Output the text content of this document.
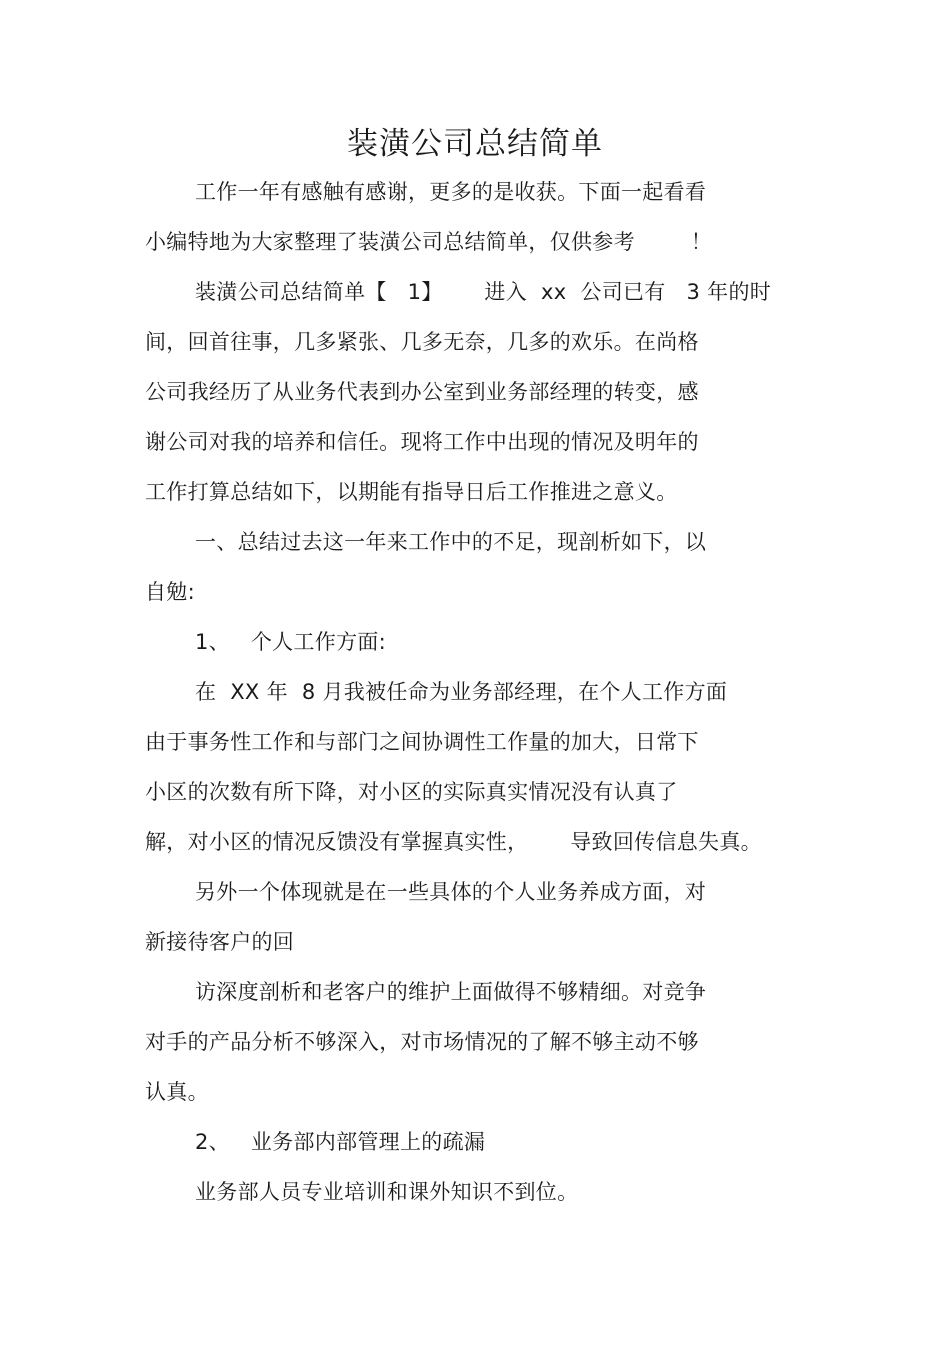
装潢公司总结简单
工作一年有感触有感谢，更多的是收获。下面一起看看
小编特地为大家整理了装潢公司总结简单，仅供参考        ！
装潢公司总结简单【   1】      进入  xx  公司已有   3 年的时
间，回首往事，几多紧张、几多无奈，几多的欢乐。在尚格
公司我经历了从业务代表到办公室到业务部经理的转变，感
谢公司对我的培养和信任。现将工作中出现的情况及明年的
工作打算总结如下，以期能有指导日后工作推进之意义。
一、总结过去这一年来工作中的不足，现剖析如下，以
自勉:
1、   个人工作方面:
在  XX 年  8 月我被任命为业务部经理，在个人工作方面
由于事务性工作和与部门之间协调性工作量的加大，日常下
小区的次数有所下降，对小区的实际真实情况没有认真了
解，对小区的情况反馈没有掌握真实性，      导致回传信息失真。
另外一个体现就是在一些具体的个人业务养成方面，对
新接待客户的回
访深度剖析和老客户的维护上面做得不够精细。对竞争
对手的产品分析不够深入，对市场情况的了解不够主动不够
认真。
2、   业务部内部管理上的疏漏
业务部人员专业培训和课外知识不到位。
